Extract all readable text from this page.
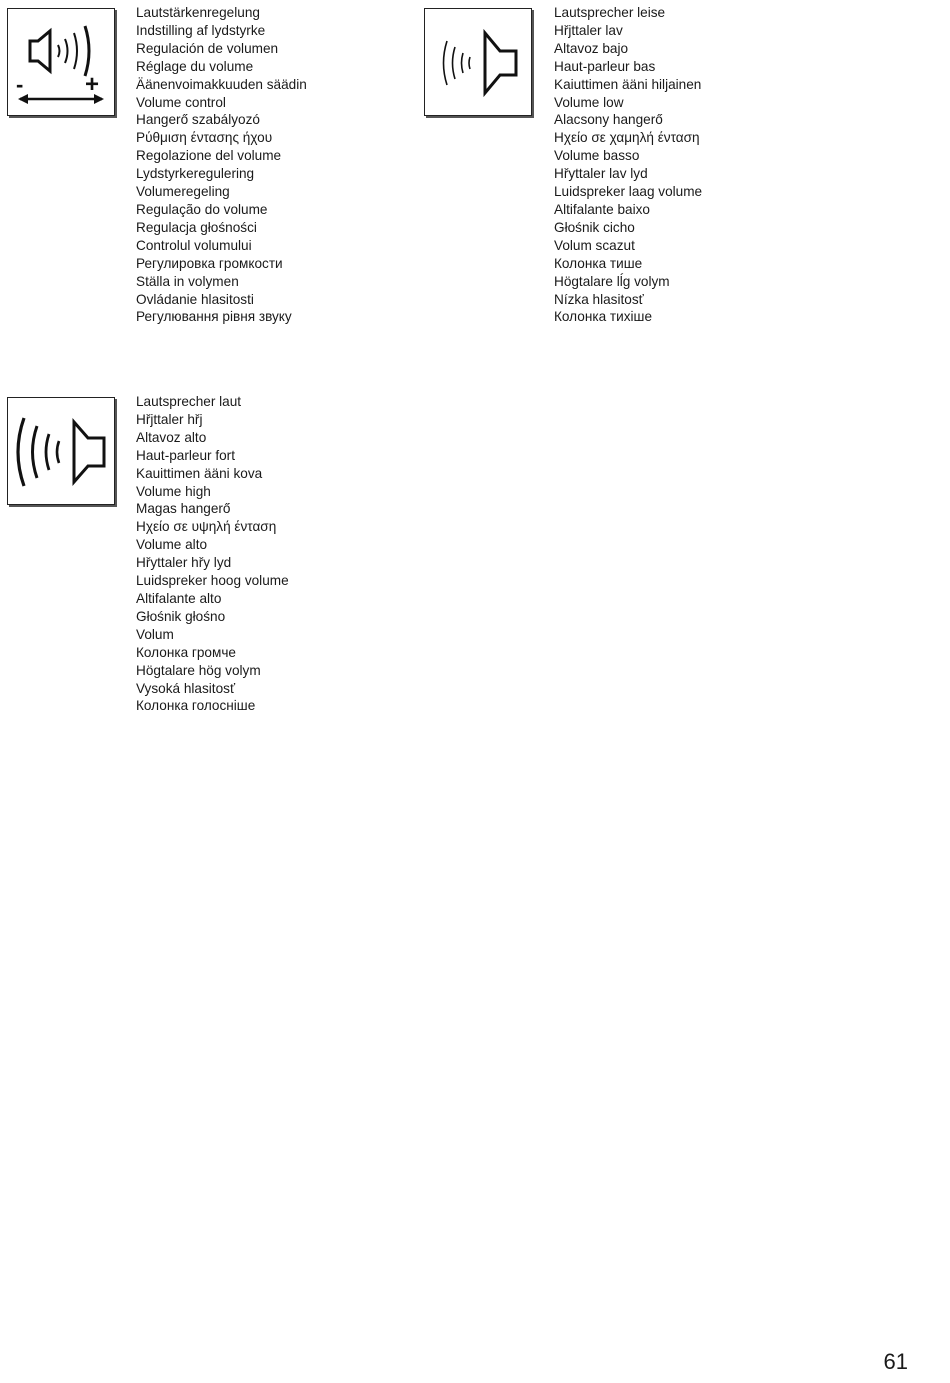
-	+
Lautstärkenregelung
Indstilling af lydstyrke
Regulación de volumen
Réglage du volume
Äänenvoimakkuuden säädin
Volume control
Hangerő szabályozó
Ρύθμιση έντασης ήχου
Regolazione del volume
Lydstyrkeregulering
Volumeregeling
Regulação do volume
Regulacja głośności
Controlul volumului
Регулировка громкости
Ställa in volymen
Ovládanie hlasitosti
Регулювання рівня звуку
Lautsprecher leise
Hřjttaler lav
Altavoz bajo
Haut-parleur bas
Kaiuttimen ääni hiljainen
Volume low
Alacsony hangerő
Ηχείο σε χαμηλή ένταση
Volume basso
Hřyttaler lav lyd
Luidspreker laag volume
Altifalante baixo
Głośnik cicho
Volum scazut
Колонка тише
Högtalare lĺg volym
Nízka hlasitosť
Колонка тихіше
Lautsprecher laut
Hřjttaler hřj
Altavoz alto
Haut-parleur fort
Kauittimen ääni kova
Volume high
Magas hangerő
Ηχείο σε υψηλή ένταση
Volume alto
Hřyttaler hřy lyd
Luidspreker hoog volume
Altifalante alto
Głośnik głośno
Volum
Колонка громче
Högtalare hög volym
Vysoká hlasitosť
Колонка голосніше
61
